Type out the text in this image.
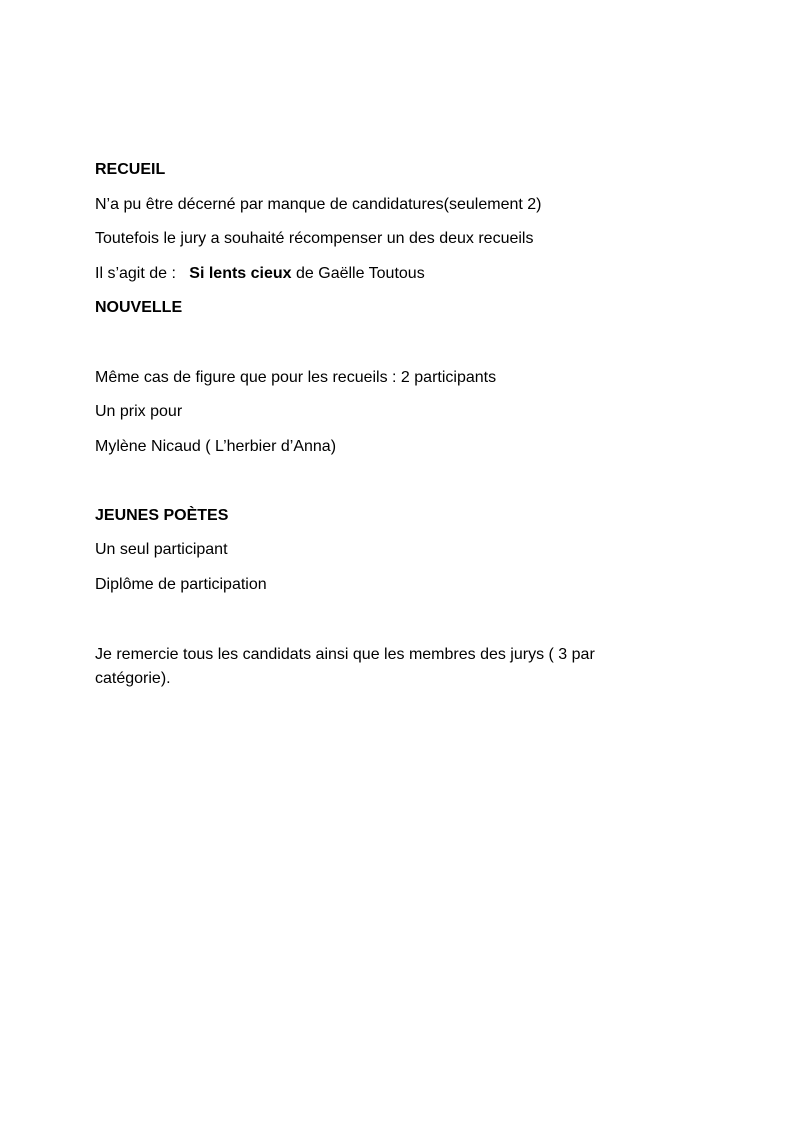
RECUEIL
N’a pu être décerné par manque de candidatures(seulement 2)
Toutefois le jury a souhaité récompenser un des deux recueils
Il s’agit de : Si lents cieux de Gaëlle Toutous
NOUVELLE
Même cas de figure que pour les recueils : 2 participants
Un prix pour
Mylène Nicaud ( L’herbier d’Anna)
JEUNES POÈTES
Un seul participant
Diplôme de participation
Je remercie tous les candidats ainsi que les membres des jurys ( 3 par catégorie).
